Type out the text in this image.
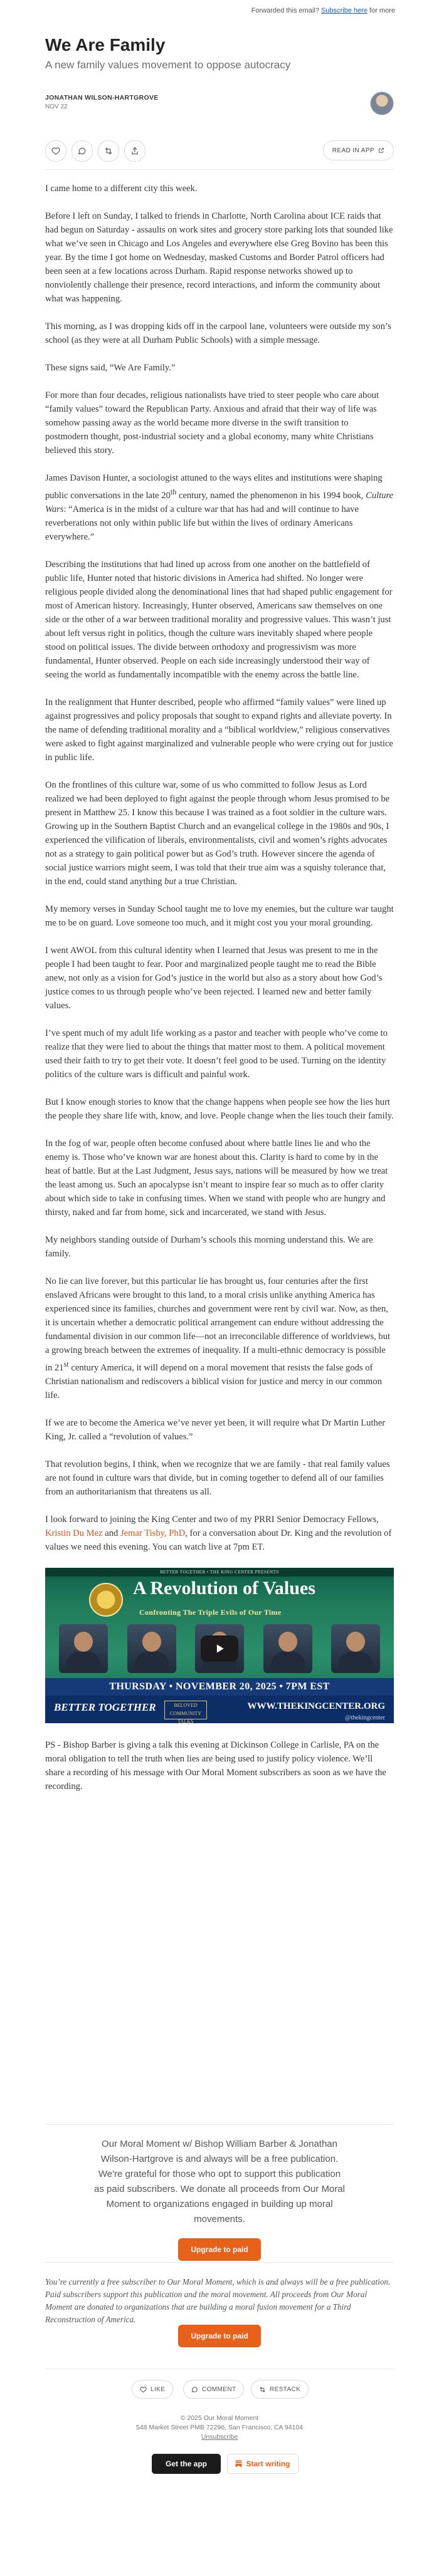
Forwarded this email? Subscribe here for more
We Are Family
A new family values movement to oppose autocracy
JONATHAN WILSON-HARTGROVE
NOV 22
READ IN APP

I came home to a different city this week.

Before I left on Sunday, I talked to friends in Charlotte, North Carolina about ICE raids that had begun on Saturday - assaults on work sites and grocery store parking lots that sounded like what we’ve seen in Chicago and Los Angeles and everywhere else Greg Bovino has been this year. By the time I got home on Wednesday, masked Customs and Border Patrol officers had been seen at a few locations across Durham. Rapid response networks showed up to nonviolently challenge their presence, record interactions, and inform the community about what was happening.

This morning, as I was dropping kids off in the carpool lane, volunteers were outside my son’s school (as they were at all Durham Public Schools) with a simple message.

These signs said, “We Are Family.”

For more than four decades, religious nationalists have tried to steer people who care about “family values” toward the Republican Party. Anxious and afraid that their way of life was somehow passing away as the world became more diverse in the swift transition to postmodern thought, post-industrial society and a global economy, many white Christians believed this story.

James Davison Hunter, a sociologist attuned to the ways elites and institutions were shaping public conversations in the late 20th century, named the phenomenon in his 1994 book, Culture Wars: “America is in the midst of a culture war that has had and will continue to have reverberations not only within public life but within the lives of ordinary Americans everywhere.”

Describing the institutions that had lined up across from one another on the battlefield of public life, Hunter noted that historic divisions in America had shifted. No longer were religious people divided along the denominational lines that had shaped public engagement for most of American history. Increasingly, Hunter observed, Americans saw themselves on one side or the other of a war between traditional morality and progressive values. This wasn’t just about left versus right in politics, though the culture wars inevitably shaped where people stood on political issues. The divide between orthodoxy and progressivism was more fundamental, Hunter observed. People on each side increasingly understood their way of seeing the world as fundamentally incompatible with the enemy across the battle line.

In the realignment that Hunter described, people who affirmed “family values” were lined up against progressives and policy proposals that sought to expand rights and alleviate poverty. In the name of defending traditional morality and a “biblical worldview,” religious conservatives were asked to fight against marginalized and vulnerable people who were crying out for justice in public life.

On the frontlines of this culture war, some of us who committed to follow Jesus as Lord realized we had been deployed to fight against the people through whom Jesus promised to be present in Matthew 25. I know this because I was trained as a foot soldier in the culture wars. Growing up in the Southern Baptist Church and an evangelical college in the 1980s and 90s, I experienced the vilification of liberals, environmentalists, civil and women’s rights advocates not as a strategy to gain political power but as God’s truth. However sincere the agenda of social justice warriors might seem, I was told that their true aim was a squishy tolerance that, in the end, could stand anything but a true Christian.

My memory verses in Sunday School taught me to love my enemies, but the culture war taught me to be on guard. Love someone too much, and it might cost you your moral grounding.

I went AWOL from this cultural identity when I learned that Jesus was present to me in the people I had been taught to fear. Poor and marginalized people taught me to read the Bible anew, not only as a vision for God’s justice in the world but also as a story about how God’s justice comes to us through people who’ve been rejected. I learned new and better family values.

I’ve spent much of my adult life working as a pastor and teacher with people who’ve come to realize that they were lied to about the things that matter most to them. A political movement used their faith to try to get their vote. It doesn’t feel good to be used. Turning on the identity politics of the culture wars is difficult and painful work.

But I know enough stories to know that the change happens when people see how the lies hurt the people they share life with, know, and love. People change when the lies touch their family.

In the fog of war, people often become confused about where battle lines lie and who the enemy is. Those who’ve known war are honest about this. Clarity is hard to come by in the heat of battle. But at the Last Judgment, Jesus says, nations will be measured by how we treat the least among us. Such an apocalypse isn’t meant to inspire fear so much as to offer clarity about which side to take in confusing times. When we stand with people who are hungry and thirsty, naked and far from home, sick and incarcerated, we stand with Jesus.

My neighbors standing outside of Durham’s schools this morning understand this. We are family.

No lie can live forever, but this particular lie has brought us, four centuries after the first enslaved Africans were brought to this land, to a moral crisis unlike anything America has experienced since its families, churches and government were rent by civil war. Now, as then, it is uncertain whether a democratic political arrangement can endure without addressing the fundamental division in our common life—not an irreconcilable difference of worldviews, but a growing breach between the extremes of inequality. If a multi-ethnic democracy is possible in 21st century America, it will depend on a moral movement that resists the false gods of Christian nationalism and rediscovers a biblical vision for justice and mercy in our common life.

If we are to become the America we’ve never yet been, it will require what Dr Martin Luther King, Jr. called a “revolution of values.”

That revolution begins, I think, when we recognize that we are family - that real family values are not found in culture wars that divide, but in coming together to defend all of our families from an authoritarianism that threatens us all.

I look forward to joining the King Center and two of my PRRI Senior Democracy Fellows, Kristin Du Mez and Jemar Tisby, PhD, for a conversation about Dr. King and the revolution of values we need this evening. You can watch live at 7pm ET.

BETTER TOGETHER • THE KING CENTER PRESENTS
A Revolution of Values
Confronting The Triple Evils of Our Time
THURSDAY • NOVEMBER 20, 2025 • 7PM EST
BETTER TOGETHER	BELOVED COMMUNITY TALKS
WWW.THEKINGCENTER.ORG
@thekingcenter

PS - Bishop Barber is giving a talk this evening at Dickinson College in Carlisle, PA on the moral obligation to tell the truth when lies are being used to justify policy violence. We’ll share a recording of his message with Our Moral Moment subscribers as soon as we have the recording.

Our Moral Moment w/ Bishop William Barber & Jonathan Wilson-Hartgrove is and always will be a free publication. We're grateful for those who opt to support this publication as paid subscribers. We donate all proceeds from Our Moral Moment to organizations engaged in building up moral movements.
Upgrade to paid
You’re currently a free subscriber to Our Moral Moment, which is and always will be a free publication. Paid subscribers support this publication and the moral movement. All proceeds from Our Moral Moment are donated to organizations that are building a moral fusion movement for a Third Reconstruction of America.
Upgrade to paid
LIKE	COMMENT	RESTACK
© 2025 Our Moral Moment
548 Market Street PMB 72296, San Francisco, CA 94104
Unsubscribe
Get the app	Start writing
